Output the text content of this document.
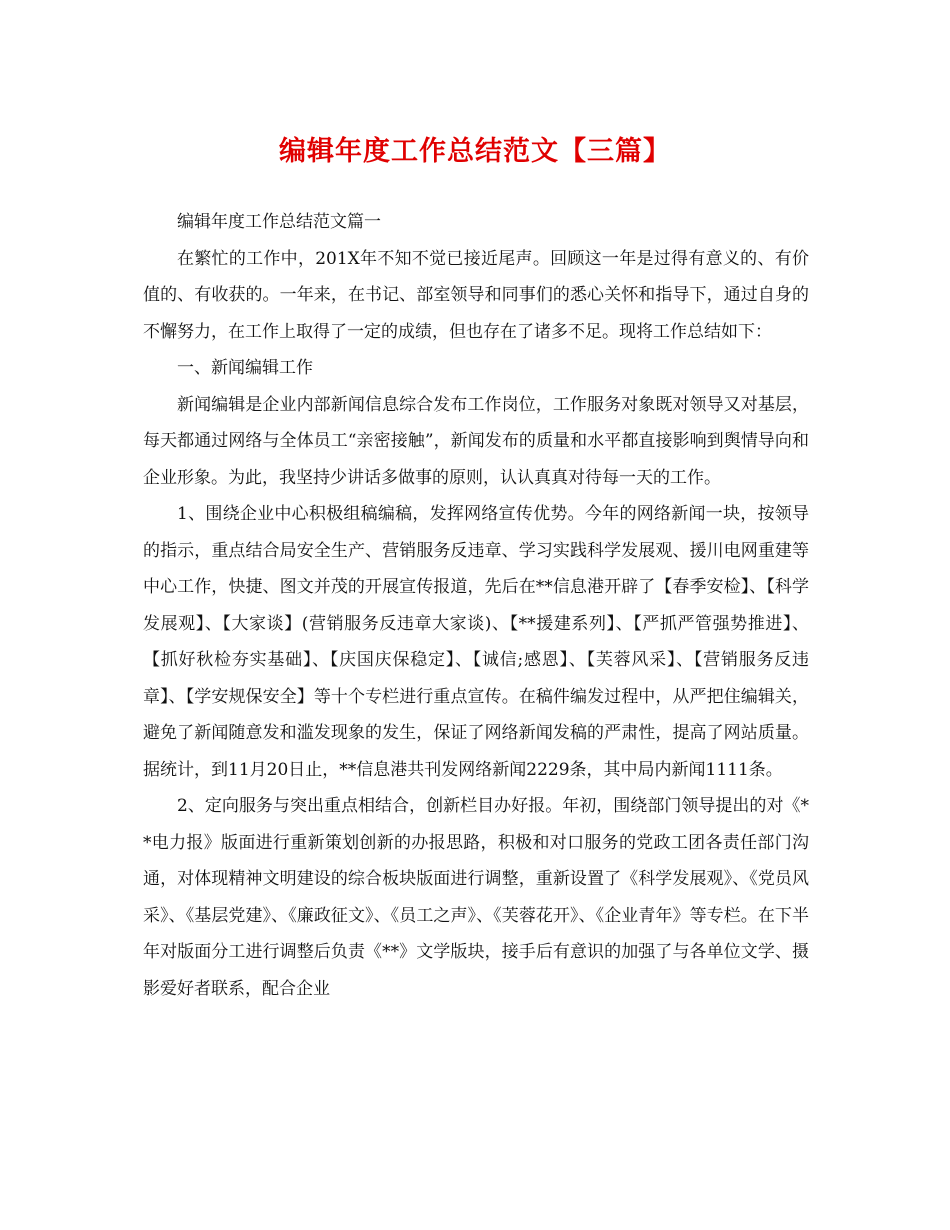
编辑年度工作总结范文【三篇】

编辑年度工作总结范文篇一

在繁忙的工作中，201X年不知不觉已接近尾声。回顾这一年是过得有意义的、有价值的、有收获的。一年来，在书记、部室领导和同事们的悉心关怀和指导下，通过自身的不懈努力，在工作上取得了一定的成绩，但也存在了诸多不足。现将工作总结如下：

一、新闻编辑工作

新闻编辑是企业内部新闻信息综合发布工作岗位，工作服务对象既对领导又对基层，每天都通过网络与全体员工“亲密接触”，新闻发布的质量和水平都直接影响到舆情导向和企业形象。为此，我坚持少讲话多做事的原则，认认真真对待每一天的工作。

1、围绕企业中心积极组稿编稿，发挥网络宣传优势。今年的网络新闻一块，按领导的指示，重点结合局安全生产、营销服务反违章、学习实践科学发展观、援川电网重建等中心工作，快捷、图文并茂的开展宣传报道，先后在**信息港开辟了【春季安检】、【科学发展观】、【大家谈】(营销服务反违章大家谈)、【**援建系列】、【严抓严管强势推进】、【抓好秋检夯实基础】、【庆国庆保稳定】、【诚信;感恩】、【芙蓉风采】、【营销服务反违章】、【学安规保安全】等十个专栏进行重点宣传。在稿件编发过程中，从严把住编辑关，避免了新闻随意发和滥发现象的发生，保证了网络新闻发稿的严肃性，提高了网站质量。据统计，到11月20日止，**信息港共刊发网络新闻2229条，其中局内新闻1111条。

2、定向服务与突出重点相结合，创新栏目办好报。年初，围绕部门领导提出的对《**电力报》版面进行重新策划创新的办报思路，积极和对口服务的党政工团各责任部门沟通，对体现精神文明建设的综合板块版面进行调整，重新设置了《科学发展观》、《党员风采》、《基层党建》、《廉政征文》、《员工之声》、《芙蓉花开》、《企业青年》等专栏。在下半年对版面分工进行调整后负责《**》文学版块，接手后有意识的加强了与各单位文学、摄影爱好者联系，配合企业
